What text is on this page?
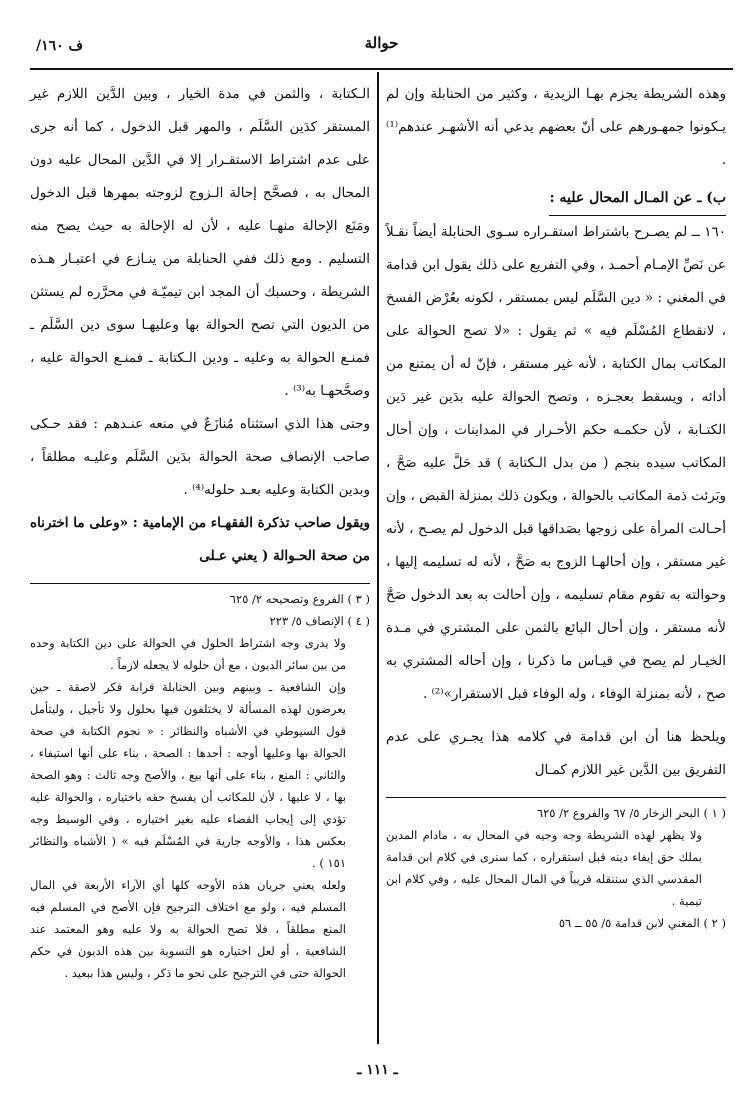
حوالة
ف ١٦٠/

وهذه الشريطة يجزم بهـا الزيدية ، وكثير من الحنابلة وإن لم يـكونوا جمهـورهم على أنّ بعضهم يدعي أنه الأشهـر عندهم⁽¹⁾ .

ب) ـ عن المـال المحال عليه :

١٦٠ ــ لم يصـرح باشتراط استقـراره سـوى الحنابلة أيضاً نقـلاً عن نَصِّ الإمـام أحمـد ، وفي التفريع على ذلك يقول ابن قدامة في المغني : « دين السَّلَم ليس بمستقر ، لكونه بعُرْض الفسخ ، لانقطاع المُسْلَم فيه » ثم يقول : «لا تصح الحوالة على المكاتب بمال الكتابة ، لأنه غير مستقر ، فإنّ له أن يمتنع من أدائه ، ويسقط بعجـزه ، وتصح الحوالة عليه بدَين غير دَين الكتـابة ، لأن حكمـه حكم الأحـرار في المداينات ، وإن أحال المكاتب سيده بنجم ( من بدل الـكتابة ) قد حَلَّ عليه صَحَّ ، وبَرئت ذمة المكاتب بالحوالة ، ويكون ذلك بمنزلة القبض ، وإن أحـالت المرأة على زوجها بصَداقها قبل الدخول لم يصـح ، لأنه غير مستقر ، وإن أحالهـا الزوج به صَحَّ ، لأنه له تسليمه إليها ، وحوالته به تقوم مقام تسليمه ، وإن أحالت به بعد الدخول صَحَّ لأنه مستقر ، وإن أحال البائع بالثمن على المشتري في مـدة الخيـار لم يصح في قيـاس ما ذكرنا ، وإن أحاله المشتري به صح ، لأنه بمنزلة الوفاء ، وله الوفاء قبل الاستقرار»⁽²⁾ .

ويلحظ هنا أن ابن قدامة في كلامه هذا يجـري على عدم التفريق بين الدَّين غير اللازم كمـال

( ١ ) البحر الزخار ٥/ ٦٧ والفروع ٢/ ٦٢٥

ولا يظهر لهذه الشريطة وجه وجيه في المحال به ، مادام المدين يملك حق إيفاء دينه قبل استقراره ، كما سنرى في كلام ابن قدامة المقدسي الذي سننقله قريباً في المال المحال عليه ، وفي كلام ابن تيمية .

( ٢ ) المغني لابن قدامة ٥/ ٥٥ ــ ٥٦

الـكتابة ، والثمن في مدة الخيار ، وبين الدَّين اللازم غير المستقر كدَين السَّلَم ، والمهر قبل الدخول ، كما أنه جرى على عدم اشتراط الاستقـرار إلا في الدَّين المحال عليه دون المحال به ، فصحَّح إحالة الـزوج لزوجته بمهرها قبل الدخول ومَنَع الإحالة منهـا عليه ، لأن له الإحالة به حيث يصح منه التسليم . ومع ذلك ففي الحنابلة من ينـازع في اعتبـار هـذه الشريطة ، وحسبك أن المجد ابن تيميّـة في محرَّره لم يستثن من الديون التي تصح الحوالة بها وعليهـا سوى دين السَّلَم ـ فمنـع الحوالة به وعليه ـ ودين الـكتابة ـ فمنـع الحوالة عليه ، وصحَّحهـا به⁽³⁾ .

وحتى هذا الذي استثناه مُنازَعٌ في منعه عنـدهم : فقد حـكى صاحب الإنصاف صحة الحوالة بدَين السَّلَم وعليـه مطلقاً ، وبدين الكتابة وعليه بعـد حلوله⁽⁴⁾ .

ويقول صاحب تذكرة الفقهـاء من الإمامية : «وعلى ما اخترناه من صحة الحـوالة ( يعني عـلى

( ٣ ) الفروع وتصحيحه ٢/ ٦٢٥

( ٤ ) الإنصاف ٥/ ٢٢٣

ولا يدرى وجه اشتراط الحلول في الحوالة على دين الكتابة وحده من بين سائر الديون ، مع أن حلوله لا يجعله لازماً .

وإن الشافعية ـ وبينهم وبين الحنابلة قرابة فكر لاصقة ـ حين يعرضون لهذه المسألة لا يختلفون فيها بحلول ولا تأجيل ، وليتأمل قول السيوطي في الأشباه والنظائر : « نجوم الكتابة في صحة الحوالة بها وعليها أوجه : أحدها : الصحة ، بناء على أنها استيفاء ، والثاني : المنع ، بناء على أنها بيع ، والأصح وجه ثالث : وهو الصحة بها ، لا عليها ، لأن للمكاتب أن يفسخ حقه باختياره ، والحوالة عليه تؤدي إلى إيجاب القضاء عليه بغير اختياره ، وفي الوسيط وجه بعكس هذا ، والأوجه جارية في المُسْلَم فيه » ( الأشباه والنظائر ١٥١ ) .

ولعله يعني جريان هذه الأوجه كلها أي الآراء الأربعة في المال المسلم فيه ، ولو مع اختلاف الترجيح فإن الأصح في المسلم فيه المنع مطلقاً ، فلا تصح الحوالة به ولا عليه وهو المعتمد عند الشافعية ، أو لعل اختياره هو التسوية بين هذه الديون في حكم الحوالة حتى في الترجيح على نحو ما ذكر ، وليس هذا ببعيد .

ـ ١١١ ـ
